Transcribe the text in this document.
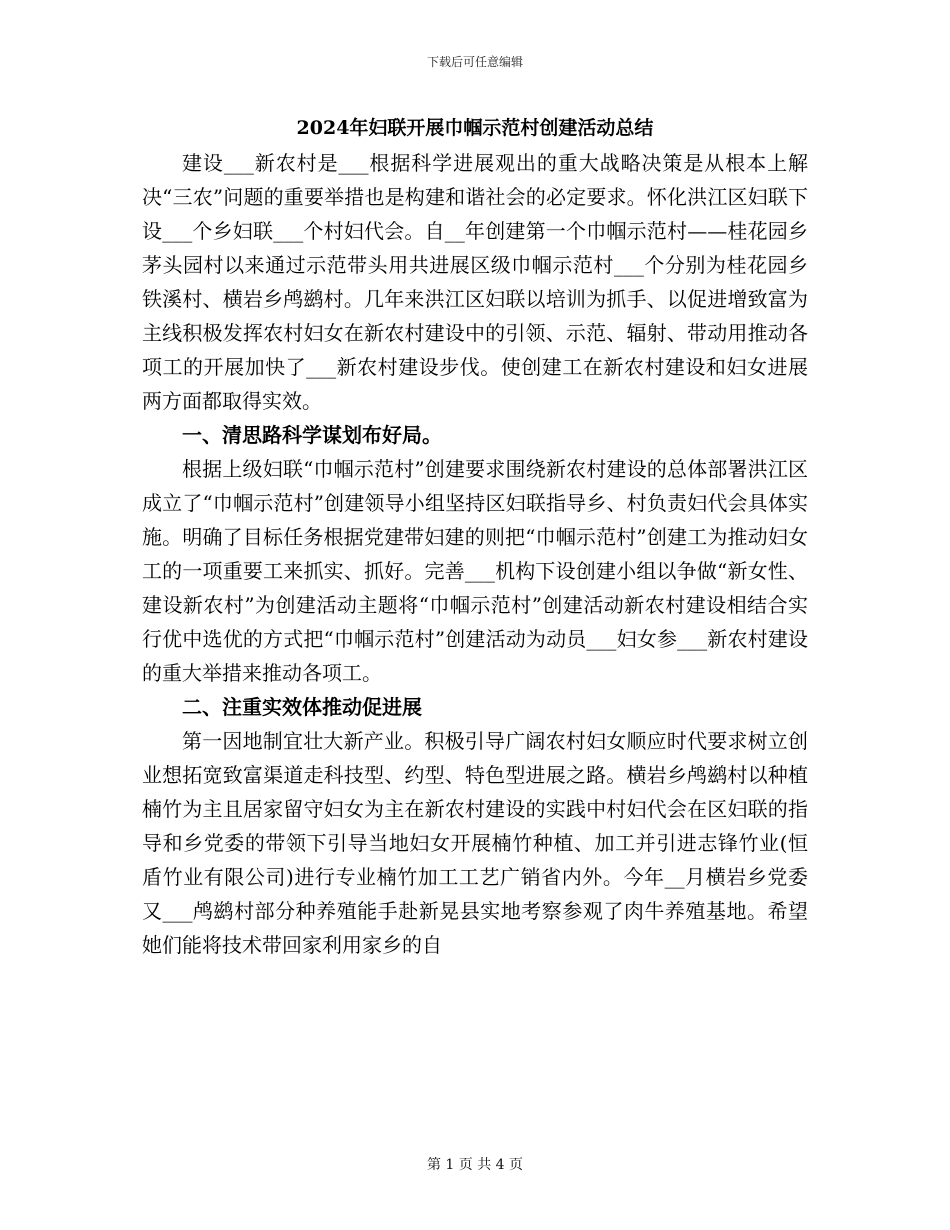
下载后可任意编辑
2024年妇联开展巾帼示范村创建活动总结

建设___新农村是___根据科学进展观出的重大战略决策是从根本上解决“三农”问题的重要举措也是构建和谐社会的必定要求。怀化洪江区妇联下设___个乡妇联___个村妇代会。自__年创建第一个巾帼示范村——桂花园乡茅头园村以来通过示范带头用共进展区级巾帼示范村___个分别为桂花园乡铁溪村、横岩乡鸬鹚村。几年来洪江区妇联以培训为抓手、以促进增致富为主线积极发挥农村妇女在新农村建设中的引领、示范、辐射、带动用推动各项工的开展加快了___新农村建设步伐。使创建工在新农村建设和妇女进展两方面都取得实效。

一、清思路科学谋划布好局。

根据上级妇联“巾帼示范村”创建要求围绕新农村建设的总体部署洪江区成立了“巾帼示范村”创建领导小组坚持区妇联指导乡、村负责妇代会具体实施。明确了目标任务根据党建带妇建的则把“巾帼示范村”创建工为推动妇女工的一项重要工来抓实、抓好。完善___机构下设创建小组以争做“新女性、建设新农村”为创建活动主题将“巾帼示范村”创建活动新农村建设相结合实行优中选优的方式把“巾帼示范村”创建活动为动员___妇女参___新农村建设的重大举措来推动各项工。

二、注重实效体推动促进展

第一因地制宜壮大新产业。积极引导广阔农村妇女顺应时代要求树立创业想拓宽致富渠道走科技型、约型、特色型进展之路。横岩乡鸬鹚村以种植楠竹为主且居家留守妇女为主在新农村建设的实践中村妇代会在区妇联的指导和乡党委的带领下引导当地妇女开展楠竹种植、加工并引进志锋竹业(恒盾竹业有限公司)进行专业楠竹加工工艺广销省内外。今年__月横岩乡党委又___鸬鹚村部分种养殖能手赴新晃县实地考察参观了肉牛养殖基地。希望她们能将技术带回家利用家乡的自

第 1 页 共 4 页
